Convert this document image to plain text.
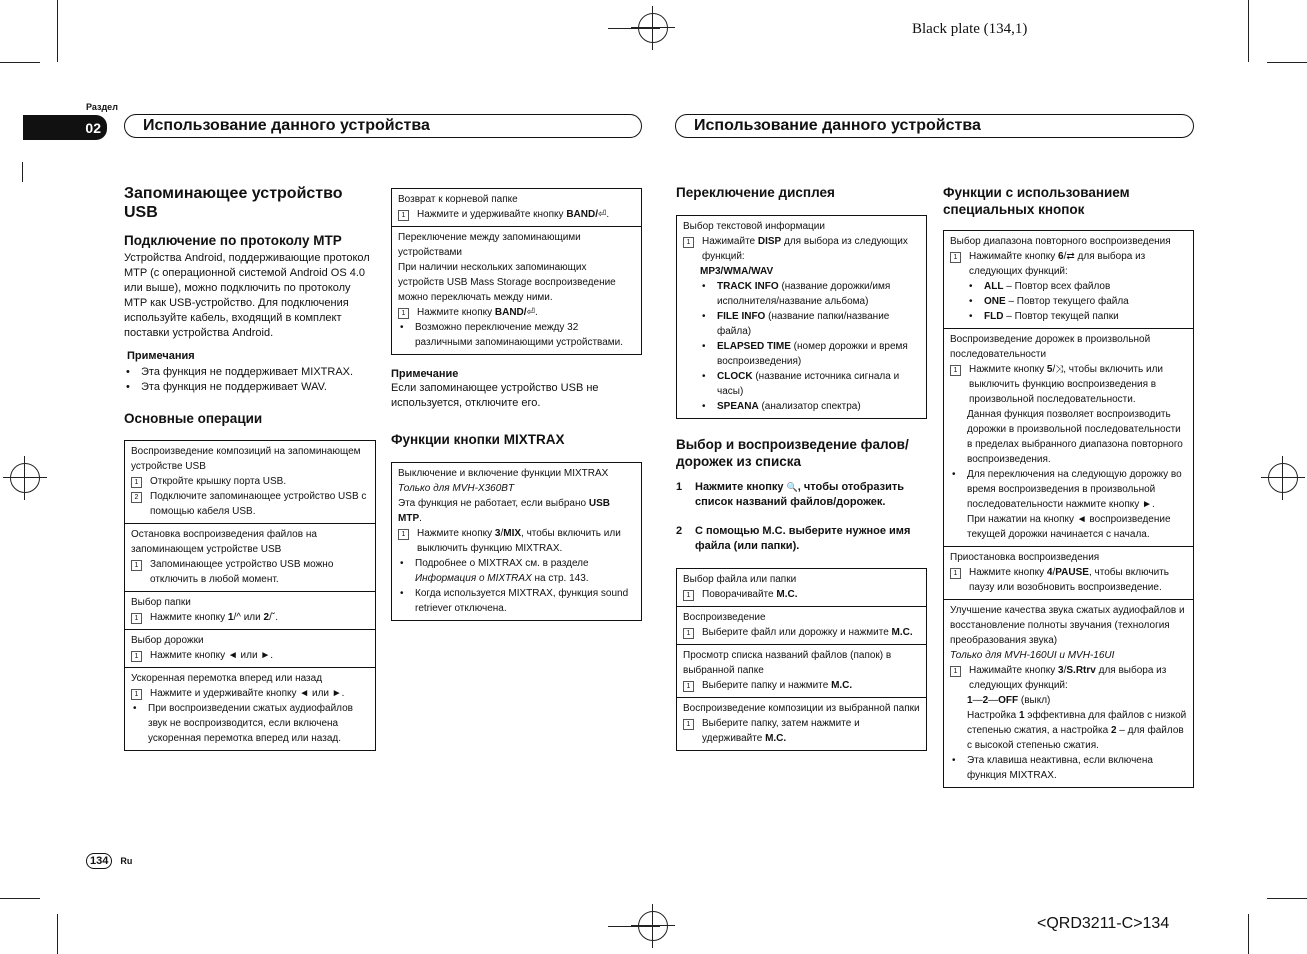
Black plate (134,1)
<QRD3211-C>134
Раздел
02	Использование данного устройства	Использование данного устройства
134	Ru
Запоминающее устройство USB
Подключение по протоколу MTP

Устройства Android, поддерживающие протокол MTP (с операционной системой Android OS 4.0 или выше), можно подключить по протоколу MTP как USB-устройство. Для подключения используйте кабель, входящий в комплект поставки устройства Android.

Примечания
•	Эта функция не поддерживает MIXTRAX.
•	Эта функция не поддерживает WAV.
Основные операции
Воспроизведение композиций на запоминающем устройстве USB
1	Откройте крышку порта USB.
2	Подключите запоминающее устройство USB с помощью кабеля USB.
Остановка воспроизведения файлов на запоминающем устройстве USB
1	Запоминающее устройство USB можно отключить в любой момент.
Выбор папки
1	Нажмите кнопку 1/^ или 2/ˇ.
Выбор дорожки
1	Нажмите кнопку ◄ или ►.
Ускоренная перемотка вперед или назад
1	Нажмите и удерживайте кнопку ◄ или ►.
•	При воспроизведении сжатых аудиофайлов звук не воспроизводится, если включена ускоренная перемотка вперед или назад.
Возврат к корневой папке
1	Нажмите и удерживайте кнопку BAND/⏎.
Переключение между запоминающими устройствами
При наличии нескольких запоминающих устройств USB Mass Storage воспроизведение можно переключать между ними.
1	Нажмите кнопку BAND/⏎.
•	Возможно переключение между 32 различными запоминающими устройствами.
Примечание

Если запоминающее устройство USB не используется, отключите его.

Функции кнопки MIXTRAX
Выключение и включение функции MIXTRAX
Только для MVH-X360BT
Эта функция не работает, если выбрано USB MTP.
1	Нажмите кнопку 3/MIX, чтобы включить или выключить функцию MIXTRAX.
•	Подробнее о MIXTRAX см. в разделе Информация о MIXTRAX на стр. 143.
•	Когда используется MIXTRAX, функция sound retriever отключена.
Переключение дисплея
Выбор текстовой информации
1	Нажимайте DISP для выбора из следующих функций:
MP3/WMA/WAV
•	TRACK INFO (название дорожки/имя исполнителя/название альбома)
•	FILE INFO (название папки/название файла)
•	ELAPSED TIME (номер дорожки и время воспроизведения)
•	CLOCK (название источника сигнала и часы)
•	SPEANA (анализатор спектра)
Выбор и воспроизведение фалов/дорожек из списка
1	Нажмите кнопку 🔍, чтобы отобразить список названий файлов/дорожек.
2	С помощью M.C. выберите нужное имя файла (или папки).
Выбор файла или папки
1	Поворачивайте M.C.
Воспроизведение
1	Выберите файл или дорожку и нажмите M.C.
Просмотр списка названий файлов (папок) в выбранной папке
1	Выберите папку и нажмите M.C.
Воспроизведение композиции из выбранной папки
1	Выберите папку, затем нажмите и удерживайте M.C.
Функции с использованием специальных кнопок
Выбор диапазона повторного воспроизведения
1	Нажимайте кнопку 6/⇄ для выбора из следующих функций:
•	ALL – Повтор всех файлов
•	ONE – Повтор текущего файла
•	FLD – Повтор текущей папки
Воспроизведение дорожек в произвольной последовательности
1	Нажмите кнопку 5/⤨, чтобы включить или выключить функцию воспроизведения в произвольной последовательности.
Данная функция позволяет воспроизводить дорожки в произвольной последовательности в пределах выбранного диапазона повторного воспроизведения.
•	Для переключения на следующую дорожку во время воспроизведения в произвольной последовательности нажмите кнопку ►.
При нажатии на кнопку ◄ воспроизведение текущей дорожки начинается с начала.
Приостановка воспроизведения
1	Нажмите кнопку 4/PAUSE, чтобы включить паузу или возобновить воспроизведение.
Улучшение качества звука сжатых аудиофайлов и восстановление полноты звучания (технология преобразования звука)
Только для MVH-160UI и MVH-16UI
1	Нажимайте кнопку 3/S.Rtrv для выбора из следующих функций:
1—2—OFF (выкл)
Настройка 1 эффективна для файлов с низкой степенью сжатия, а настройка 2 – для файлов с высокой степенью сжатия.
•	Эта клавиша неактивна, если включена функция MIXTRAX.
